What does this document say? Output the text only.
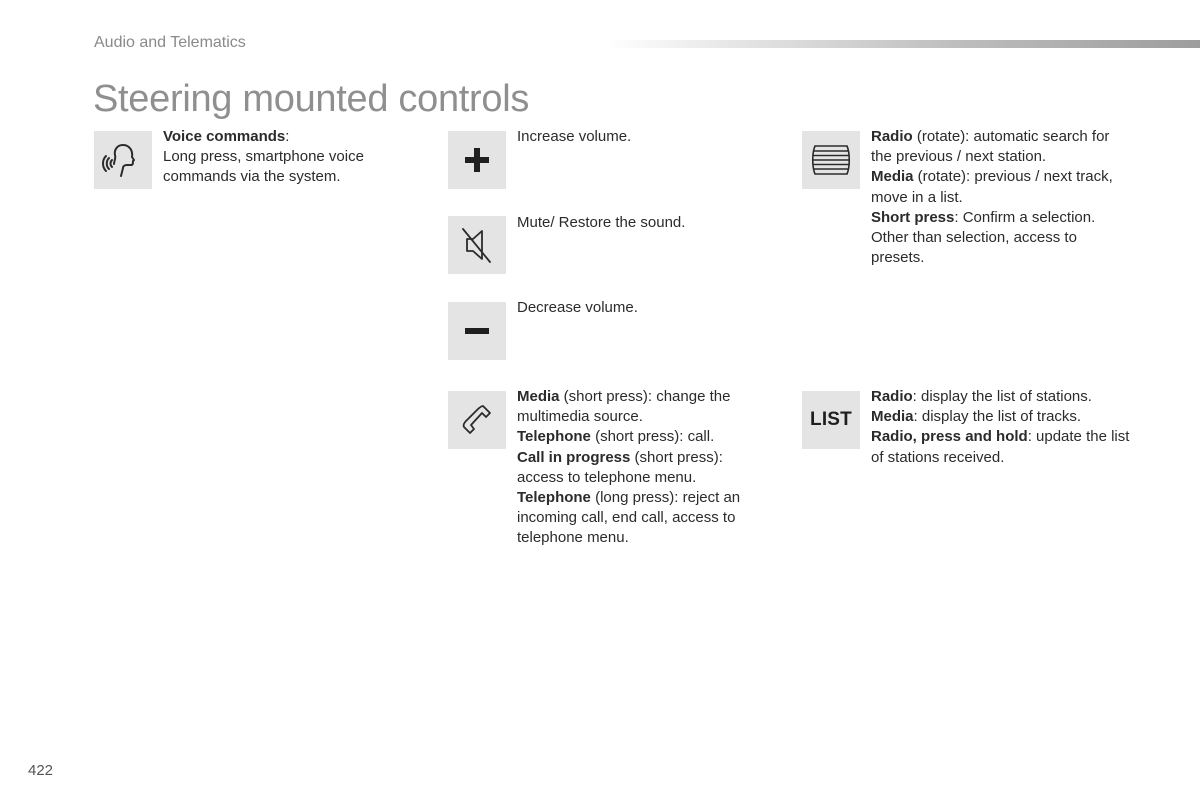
Audio and Telematics
Steering mounted controls
Voice commands:
Long press, smartphone voice commands via the system.
Increase volume.
Mute/ Restore the sound.
Decrease volume.
Media (short press): change the multimedia source.
Telephone (short press): call.
Call in progress (short press): access to telephone menu.
Telephone (long press): reject an incoming call, end call, access to telephone menu.
Radio (rotate): automatic search for the previous / next station.
Media (rotate): previous / next track, move in a list.
Short press: Confirm a selection. Other than selection, access to presets.
LIST
Radio: display the list of stations.
Media: display the list of tracks.
Radio, press and hold: update the list of stations received.
422
